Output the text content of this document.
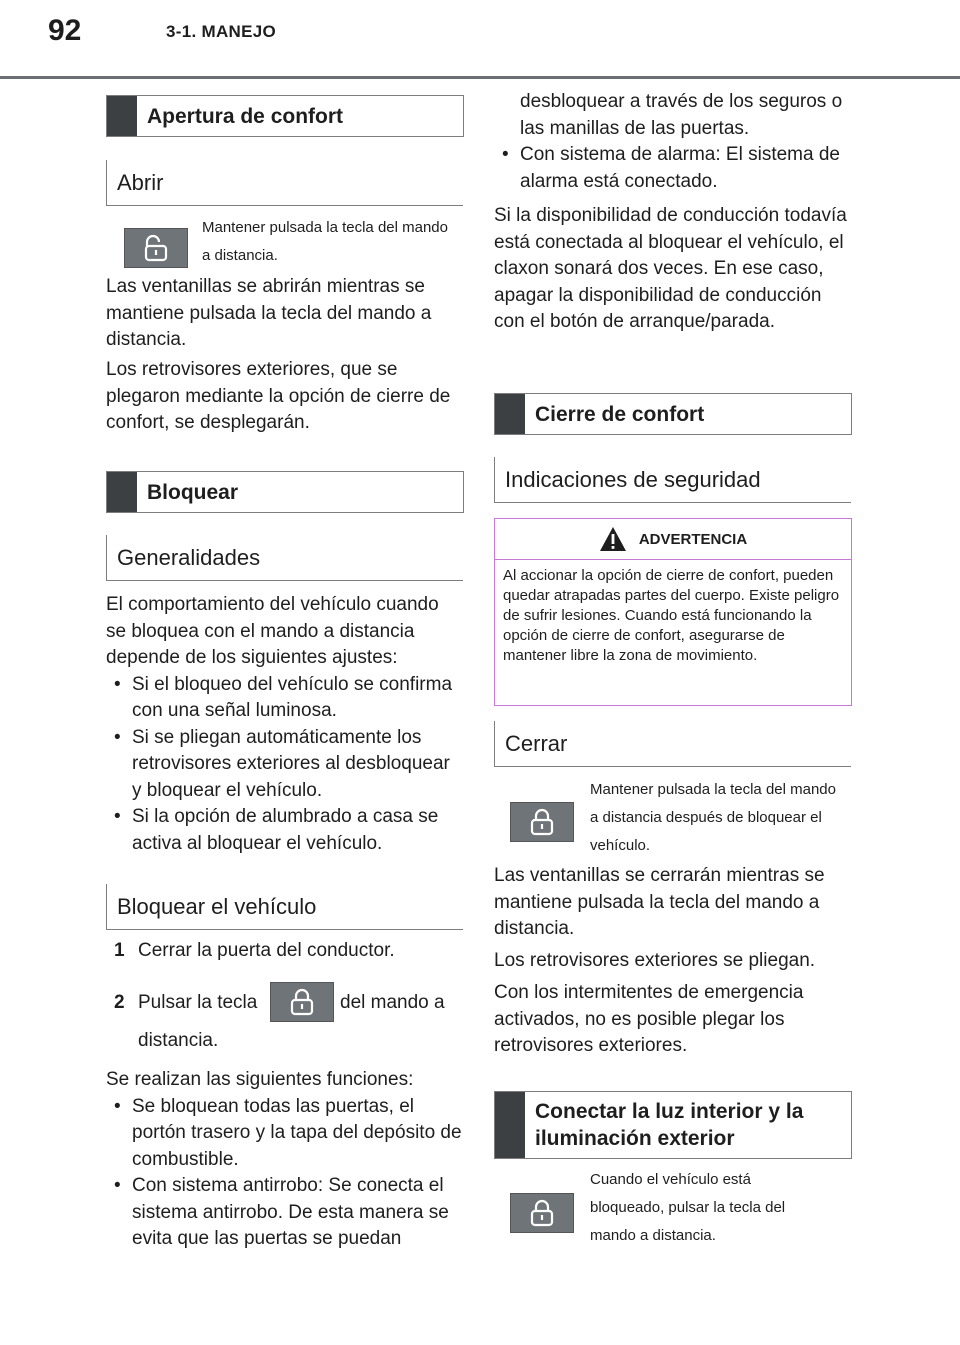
92	3-1. MANEJO
Apertura de confort
Abrir

Mantener pulsada la tecla del mando a distancia.

Las ventanillas se abrirán mientras se mantiene pulsada la tecla del mando a distancia.

Los retrovisores exteriores, que se plegaron mediante la opción de cierre de confort, se desplegarán.

Bloquear
Generalidades
El comportamiento del vehículo cuando se bloquea con el mando a distancia depende de los siguientes ajustes:
• Si el bloqueo del vehículo se confirma con una señal luminosa.
• Si se pliegan automáticamente los retrovisores exteriores al desbloquear y bloquear el vehículo.
• Si la opción de alumbrado a casa se activa al bloquear el vehículo.
Bloquear el vehículo
1 Cerrar la puerta del conductor.
2 Pulsar la tecla	del mando a
distancia.
Se realizan las siguientes funciones:
• Se bloquean todas las puertas, el portón trasero y la tapa del depósito de combustible.
• Con sistema antirrobo: Se conecta el sistema antirrobo. De esta manera se evita que las puertas se puedan
desbloquear a través de los seguros o las manillas de las puertas.
• Con sistema de alarma: El sistema de alarma está conectado.

Si la disponibilidad de conducción todavía está conectada al bloquear el vehículo, el claxon sonará dos veces. En ese caso, apagar la disponibilidad de conducción con el botón de arranque/parada.

Cierre de confort
Indicaciones de seguridad
ADVERTENCIA
Al accionar la opción de cierre de confort, pueden quedar atrapadas partes del cuerpo. Existe peligro de sufrir lesiones. Cuando está funcionando la opción de cierre de confort, asegurarse de mantener libre la zona de movimiento.
Cerrar

Mantener pulsada la tecla del mando a distancia después de bloquear el vehículo.

Las ventanillas se cerrarán mientras se mantiene pulsada la tecla del mando a distancia.

Los retrovisores exteriores se pliegan.

Con los intermitentes de emergencia activados, no es posible plegar los retrovisores exteriores.

Conectar la luz interior y la iluminación exterior

Cuando el vehículo está bloqueado, pulsar la tecla del mando a distancia.
